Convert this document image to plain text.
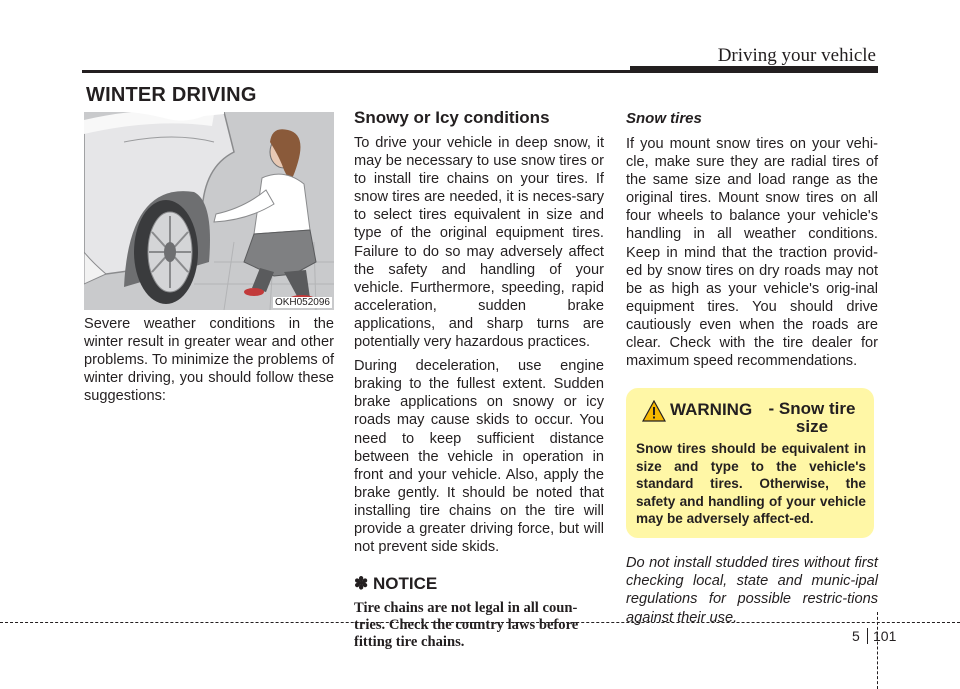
Driving your vehicle
WINTER DRIVING
OKH052096

Severe weather conditions in the winter result in greater wear and other problems. To minimize the problems of winter driving, you should follow these suggestions:

Snowy or Icy conditions

To drive your vehicle in deep snow, it may be necessary to use snow tires or to install tire chains on your tires. If snow tires are needed, it is neces-sary to select tires equivalent in size and type of the original equipment tires. Failure to do so may adversely affect the safety and handling of your vehicle. Furthermore, speeding, rapid acceleration, sudden brake applications, and sharp turns are potentially very hazardous practices.

During deceleration, use engine braking to the fullest extent. Sudden brake applications on snowy or icy roads may cause skids to occur. You need to keep sufficient distance between the vehicle in operation in front and your vehicle. Also, apply the brake gently. It should be noted that installing tire chains on the tire will provide a greater driving force, but will not prevent side skids.

✽ NOTICE

Tire chains are not legal in all coun-tries. Check the country laws before fitting tire chains.

Snow tires

If you mount snow tires on your vehi-cle, make sure they are radial tires of the same size and load range as the original tires. Mount snow tires on all four wheels to balance your vehicle's handling in all weather conditions. Keep in mind that the traction provid-ed by snow tires on dry roads may not be as high as your vehicle's orig-inal equipment tires. You should drive cautiously even when the roads are clear. Check with the tire dealer for maximum speed recommendations.

WARNING - Snow tire size

Snow tires should be equivalent in size and type to the vehicle's standard tires. Otherwise, the safety and handling of your vehicle may be adversely affect-ed.

Do not install studded tires without first checking local, state and munic-ipal regulations for possible restric-tions against their use.

5 101
